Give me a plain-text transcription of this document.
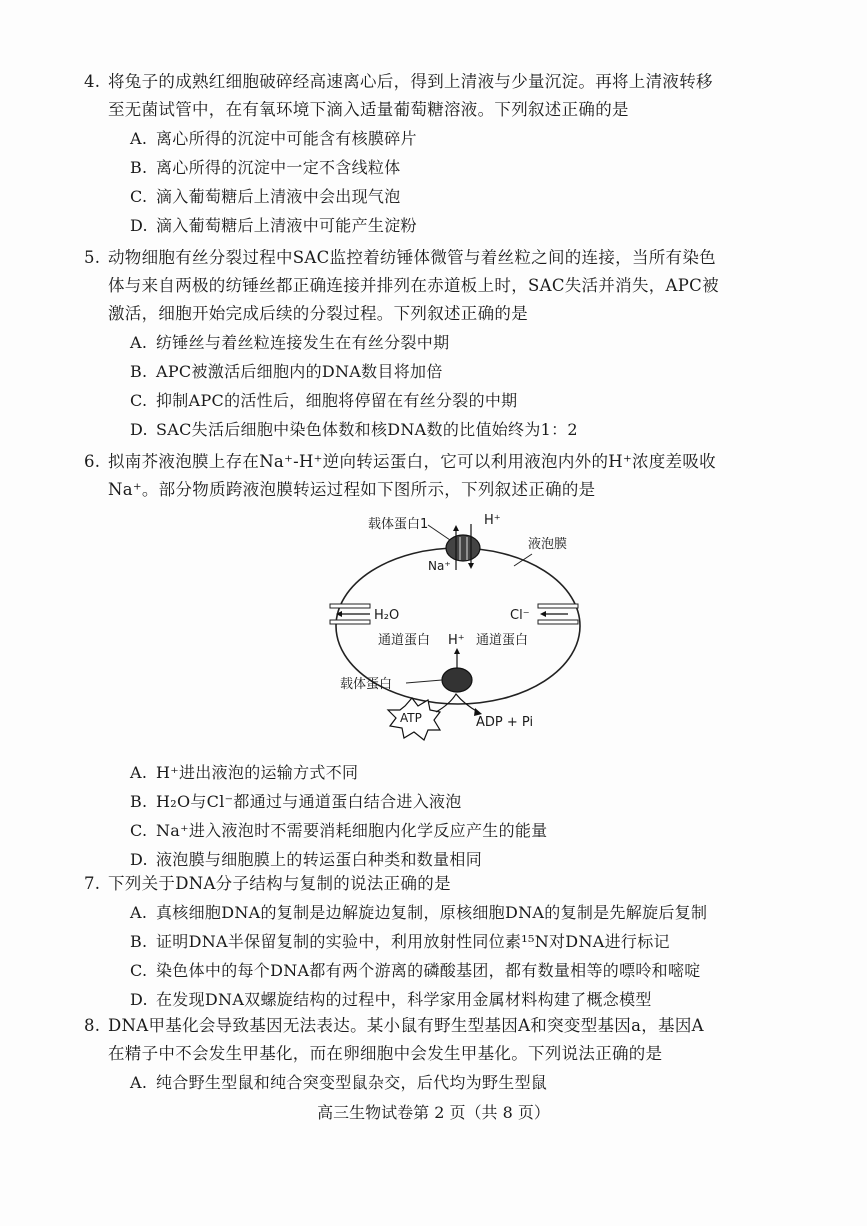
4. 将兔子的成熟红细胞破碎经高速离心后，得到上清液与少量沉淀。再将上清液转移
至无菌试管中，在有氧环境下滴入适量葡萄糖溶液。下列叙述正确的是
A. 离心所得的沉淀中可能含有核膜碎片
B. 离心所得的沉淀中一定不含线粒体
C. 滴入葡萄糖后上清液中会出现气泡
D. 滴入葡萄糖后上清液中可能产生淀粉
5. 动物细胞有丝分裂过程中SAC监控着纺锤体微管与着丝粒之间的连接，当所有染色
体与来自两极的纺锤丝都正确连接并排列在赤道板上时，SAC失活并消失，APC被
激活，细胞开始完成后续的分裂过程。下列叙述正确的是
A. 纺锤丝与着丝粒连接发生在有丝分裂中期
B. APC被激活后细胞内的DNA数目将加倍
C. 抑制APC的活性后，细胞将停留在有丝分裂的中期
D. SAC失活后细胞中染色体数和核DNA数的比值始终为1：2
6. 拟南芥液泡膜上存在Na⁺-H⁺逆向转运蛋白，它可以利用液泡内外的H⁺浓度差吸收
Na⁺。部分物质跨液泡膜转运过程如下图所示，下列叙述正确的是
载体蛋白1	H⁺
Na⁺
液泡膜
H₂O	Cl⁻
通道蛋白 H⁺ 通道蛋白
载体蛋白
ATP	ADP + Pi
A. H⁺进出液泡的运输方式不同
B. H₂O与Cl⁻都通过与通道蛋白结合进入液泡
C. Na⁺进入液泡时不需要消耗细胞内化学反应产生的能量
D. 液泡膜与细胞膜上的转运蛋白种类和数量相同
7. 下列关于DNA分子结构与复制的说法正确的是
A. 真核细胞DNA的复制是边解旋边复制，原核细胞DNA的复制是先解旋后复制
B. 证明DNA半保留复制的实验中，利用放射性同位素¹⁵N对DNA进行标记
C. 染色体中的每个DNA都有两个游离的磷酸基团，都有数量相等的嘌呤和嘧啶
D. 在发现DNA双螺旋结构的过程中，科学家用金属材料构建了概念模型
8. DNA甲基化会导致基因无法表达。某小鼠有野生型基因A和突变型基因a，基因A
在精子中不会发生甲基化，而在卵细胞中会发生甲基化。下列说法正确的是
A. 纯合野生型鼠和纯合突变型鼠杂交，后代均为野生型鼠
高三生物试卷第 2 页（共 8 页）
